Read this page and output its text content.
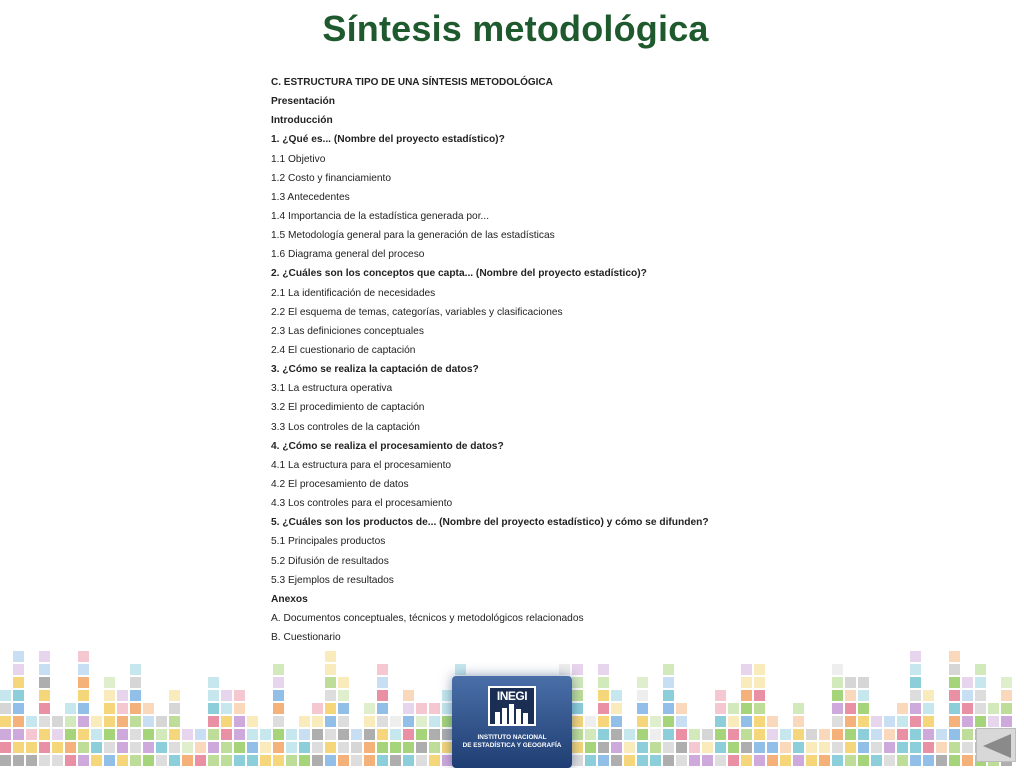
Síntesis metodológica
C. ESTRUCTURA TIPO DE UNA SÍNTESIS METODOLÓGICA
Presentación
Introducción
1. ¿Qué es... (Nombre del proyecto estadístico)?
1.1 Objetivo
1.2 Costo y financiamiento
1.3 Antecedentes
1.4 Importancia de la estadística generada por...
1.5 Metodología general para la generación de las estadísticas
1.6 Diagrama general del proceso
2. ¿Cuáles son los conceptos que capta... (Nombre del proyecto estadístico)?
2.1 La identificación de necesidades
2.2 El esquema de temas, categorías, variables y clasificaciones
2.3 Las definiciones conceptuales
2.4 El cuestionario de captación
3. ¿Cómo se realiza la captación de datos?
3.1 La estructura operativa
3.2 El procedimiento de captación
3.3 Los controles de la captación
4. ¿Cómo se realiza el procesamiento de datos?
4.1 La estructura para el procesamiento
4.2 El procesamiento de datos
4.3 Los controles para el procesamiento
5. ¿Cuáles son los productos de... (Nombre del proyecto estadístico) y cómo se difunden?
5.1 Principales productos
5.2 Difusión de resultados
5.3 Ejemplos de resultados
Anexos
A. Documentos conceptuales, técnicos y metodológicos relacionados
B. Cuestionario
INEGI
INSTITUTO NACIONAL
DE ESTADÍSTICA Y GEOGRAFÍA
